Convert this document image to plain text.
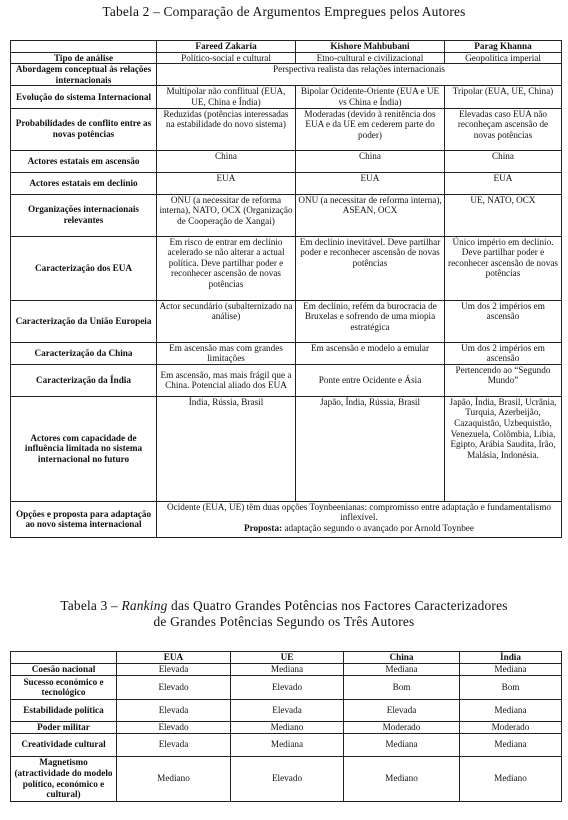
Tabela 2 – Comparação de Argumentos Empregues pelos Autores
	Fareed Zakaria	Kishore Mahbubani	Parag Khanna
Tipo de análise	Político-social e cultural	Etno-cultural e civilizacional	Geopolítica imperial
Abordagem conceptual às relações internacionais	Perspectiva realista das relações internacionais		

Evolução do sistema Internacional	Multipolar não conflitual (EUA, UE, China e Índia)	Bipolar Ocidente-Oriente (EUA e UE vs China e Índia)	Tripolar (EUA, UE, China)
Probabilidades de conflito entre as novas potências	Reduzidas (potências interessadas na estabilidade do novo sistema)	Moderadas (devido à renitência dos EUA e da UE em cederem parte do poder)	Elevadas caso EUA não reconheçam ascensão de novas potências
Actores estatais em ascensão	China	China	China
Actores estatais em declínio	EUA	EUA	EUA
Organizações internacionais relevantes	ONU (a necessitar de reforma interna), NATO, OCX (Organização de Cooperação de Xangai)	ONU (a necessitar de reforma interna), ASEAN, OCX	UE, NATO, OCX
Caracterização dos EUA	Em risco de entrar em declínio acelerado se não alterar a actual política. Deve partilhar poder e reconhecer ascensão de novas potências	Em declínio inevitável. Deve partilhar poder e reconhecer ascensão de novas potências	Único império em declínio. Deve partilhar poder e reconhecer ascensão de novas potências
Caracterização da União Europeia	Actor secundário (subalternizado na análise)	Em declínio, refém da burocracia de Bruxelas e sofrendo de uma miopia estratégica	Um dos 2 impérios em ascensão
Caracterização da China	Em ascensão mas com grandes limitações	Em ascensão e modelo a emular	Um dos 2 impérios em ascensão
Caracterização da Índia	Em ascensão, mas mais frágil que a China. Potencial aliado dos EUA	Ponte entre Ocidente e Ásia	Pertencendo ao “Segundo Mundo”
Actores com capacidade de influência limitada no sistema internacional no futuro	Índia, Rússia, Brasil	Japão, Índia, Rússia, Brasil	Japão, Índia, Brasil, Ucrânia, Turquia, Azerbeijão, Cazaquistão, Uzbequistão, Venezuela, Colômbia, Líbia, Egipto, Arábia Saudita, Irão, Malásia, Indonésia.
Opções e proposta para adaptação ao novo sistema internacional	Ocidente (EUA, UE) têm duas opções Toynbeenianas: compromisso entre adaptação e fundamentalismo inflexível.
Proposta: adaptação segundo o avançado por Arnold Toynbee		
Tabela 3 – Ranking das Quatro Grandes Potências nos Factores Caracterizadores
de Grandes Potências Segundo os Três Autores
	EUA	UE	China	Índia
Coesão nacional	Elevada	Mediana	Mediana	Mediana
Sucesso económico e tecnológico	Elevado	Elevado	Bom	Bom
Estabilidade política	Elevada	Elevada	Elevada	Mediana
Poder militar	Elevado	Mediano	Moderado	Moderado
Creatividade cultural	Elevada	Mediana	Mediana	Mediana
Magnetismo (atractividade do modelo político, económico e cultural)	Mediano	Elevado	Mediano	Mediano
